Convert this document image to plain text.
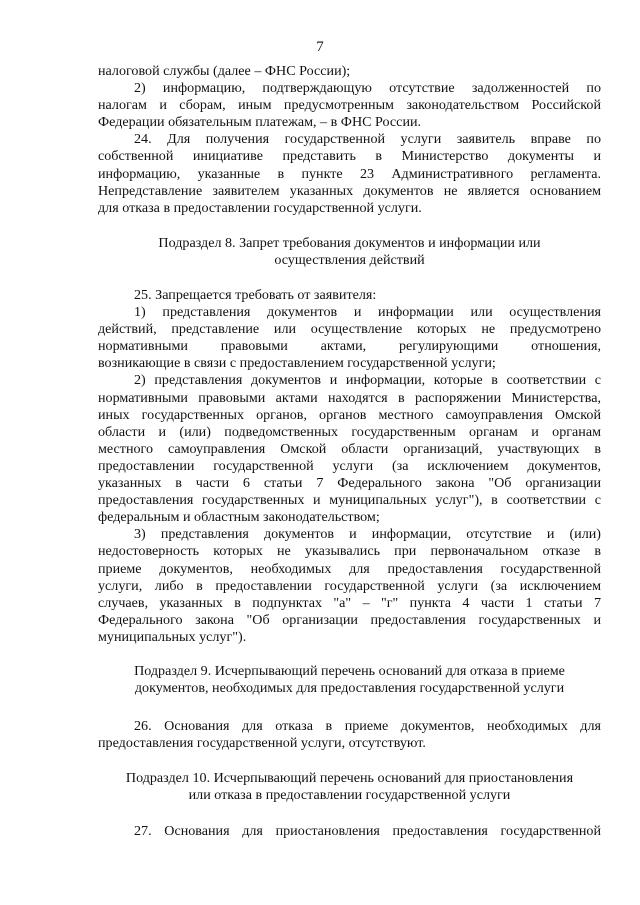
7
налоговой службы (далее – ФНС России);
2) информацию, подтверждающую отсутствие задолженностей по
налогам и сборам, иным предусмотренным законодательством Российской
Федерации обязательным платежам, – в ФНС России.
24. Для получения государственной услуги заявитель вправе по
собственной инициативе представить в Министерство документы и
информацию, указанные в пункте 23 Административного регламента.
Непредставление заявителем указанных документов не является основанием
для отказа в предоставлении государственной услуги.
Подраздел 8. Запрет требования документов и информации или
осуществления действий
25. Запрещается требовать от заявителя:
1) представления документов и информации или осуществления
действий, представление или осуществление которых не предусмотрено
нормативными правовыми актами, регулирующими отношения,
возникающие в связи с предоставлением государственной услуги;
2) представления документов и информации, которые в соответствии с
нормативными правовыми актами находятся в распоряжении Министерства,
иных государственных органов, органов местного самоуправления Омской
области и (или) подведомственных государственным органам и органам
местного самоуправления Омской области организаций, участвующих в
предоставлении государственной услуги (за исключением документов,
указанных в части 6 статьи 7 Федерального закона "Об организации
предоставления государственных и муниципальных услуг"), в соответствии с
федеральным и областным законодательством;
3) представления документов и информации, отсутствие и (или)
недостоверность которых не указывались при первоначальном отказе в
приеме документов, необходимых для предоставления государственной
услуги, либо в предоставлении государственной услуги (за исключением
случаев, указанных в подпунктах "а" – "г" пункта 4 части 1 статьи 7
Федерального закона "Об организации предоставления государственных и
муниципальных услуг").
Подраздел 9. Исчерпывающий перечень оснований для отказа в приеме
документов, необходимых для предоставления государственной услуги
26. Основания для отказа в приеме документов, необходимых для
предоставления государственной услуги, отсутствуют.
Подраздел 10. Исчерпывающий перечень оснований для приостановления
или отказа в предоставлении государственной услуги
27. Основания для приостановления предоставления государственной
